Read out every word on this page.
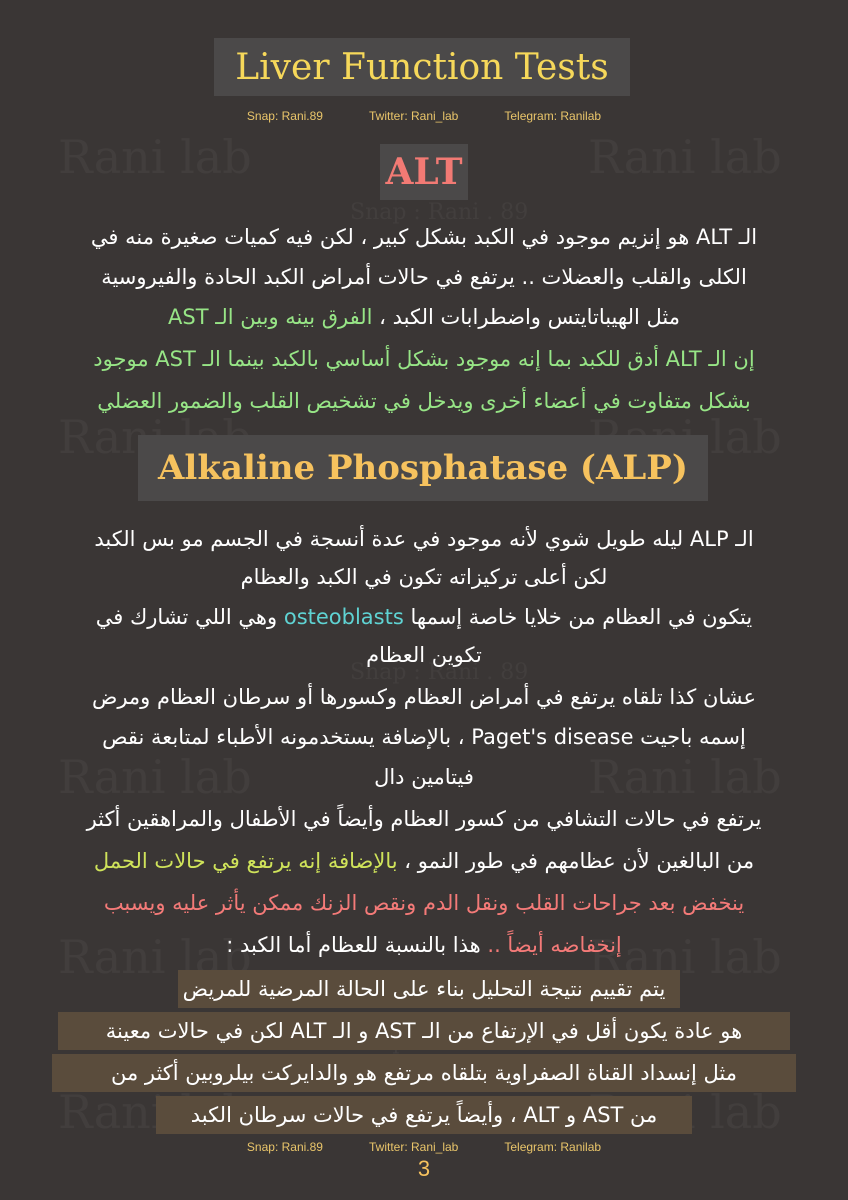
Liver Function Tests
Snap: Rani.89	Twitter: Rani_lab	Telegram: Ranilab
ALT
الـ ALT هو إنزيم موجود في الكبد بشكل كبير ، لكن فيه كميات صغيرة منه في
الكلى والقلب والعضلات .. يرتفع في حالات أمراض الكبد الحادة والفيروسية
مثل الهيباتايتس واضطرابات الكبد ، الفرق بينه وبين الـ AST
إن الـ ALT أدق للكبد بما إنه موجود بشكل أساسي بالكبد بينما الـ AST موجود
بشكل متفاوت في أعضاء أخرى ويدخل في تشخيص القلب والضمور العضلي
Alkaline Phosphatase (ALP)
الـ ALP ليله طويل شوي لأنه موجود في عدة أنسجة في الجسم مو بس الكبد
لكن أعلى تركيزاته تكون في الكبد والعظام
يتكون في العظام من خلايا خاصة إسمها osteoblasts وهي اللي تشارك في
تكوين العظام
عشان كذا تلقاه يرتفع في أمراض العظام وكسورها أو سرطان العظام ومرض
إسمه باجيت Paget's disease ، بالإضافة يستخدمونه الأطباء لمتابعة نقص
فيتامين دال
يرتفع في حالات التشافي من كسور العظام وأيضاً في الأطفال والمراهقين أكثر
من البالغين لأن عظامهم في طور النمو ، بالإضافة إنه يرتفع في حالات الحمل
ينخفض بعد جراحات القلب ونقل الدم ونقص الزنك ممكن يأثر عليه ويسبب
إنخفاضه أيضاً .. هذا بالنسبة للعظام أما الكبد :
يتم تقييم نتيجة التحليل بناء على الحالة المرضية للمريض
هو عادة يكون أقل في الإرتفاع من الـ AST و الـ ALT لكن في حالات معينة
مثل إنسداد القناة الصفراوية بتلقاه مرتفع هو والدايركت بيلروبين أكثر من
من AST و ALT ، وأيضاً يرتفع في حالات سرطان الكبد
Snap: Rani.89	Twitter: Rani_lab	Telegram: Ranilab
3
